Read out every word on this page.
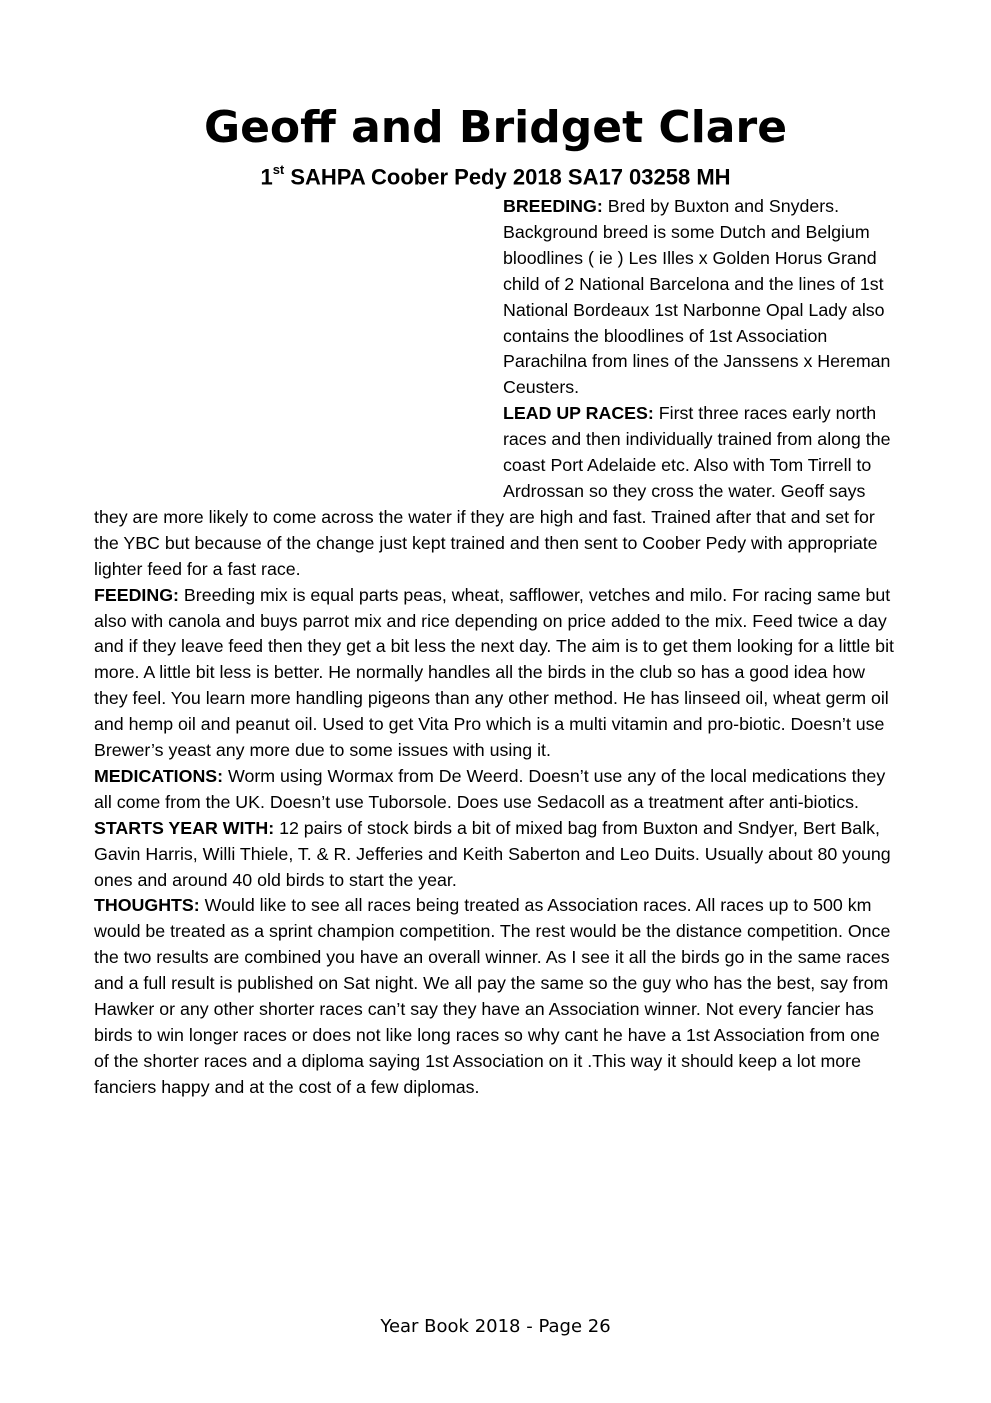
Geoff and Bridget Clare
1st SAHPA Coober Pedy 2018 SA17 03258 MH

BREEDING: Bred by Buxton and Snyders. Background breed is some Dutch and Belgium bloodlines ( ie ) Les Illes x Golden Horus Grand child of 2 National Barcelona and the lines of 1st National Bordeaux 1st Narbonne Opal Lady also contains the bloodlines of 1st Association Parachilna from lines of the Janssens x Hereman Ceusters.

LEAD UP RACES: First three races early north races and then individually trained from along the coast Port Adelaide etc. Also with Tom Tirrell to Ardrossan so they cross the water. Geoff says they are more likely to come across the water if they are high and fast. Trained after that and set for the YBC but because of the change just kept trained and then sent to Coober Pedy with appropriate lighter feed for a fast race.

FEEDING: Breeding mix is equal parts peas, wheat, safflower, vetches and milo. For racing same but also with canola and buys parrot mix and rice depending on price added to the mix. Feed twice a day and if they leave feed then they get a bit less the next day. The aim is to get them looking for a little bit more. A little bit less is better. He normally handles all the birds in the club so has a good idea how they feel. You learn more handling pigeons than any other method. He has linseed oil, wheat germ oil and hemp oil and peanut oil. Used to get Vita Pro which is a multi vitamin and pro-biotic. Doesn’t use Brewer’s yeast any more due to some issues with using it.

MEDICATIONS: Worm using Wormax from De Weerd. Doesn’t use any of the local medications they all come from the UK. Doesn’t use Tuborsole. Does use Sedacoll as a treatment after anti-biotics.

STARTS YEAR WITH: 12 pairs of stock birds a bit of mixed bag from Buxton and Sndyer, Bert Balk, Gavin Harris, Willi Thiele, T. & R. Jefferies and Keith Saberton and Leo Duits. Usually about 80 young ones and around 40 old birds to start the year.

THOUGHTS: Would like to see all races being treated as Association races. All races up to 500 km would be treated as a sprint champion competition. The rest would be the distance competition. Once the two results are combined you have an overall winner. As I see it all the birds go in the same races and a full result is published on Sat night. We all pay the same so the guy who has the best, say from Hawker or any other shorter races can’t say they have an Association winner. Not every fancier has birds to win longer races or does not like long races so why cant he have a 1st Association from one of the shorter races and a diploma saying 1st Association on it .This way it should keep a lot more fanciers happy and at the cost of a few diplomas.

Year Book 2018 - Page 26
